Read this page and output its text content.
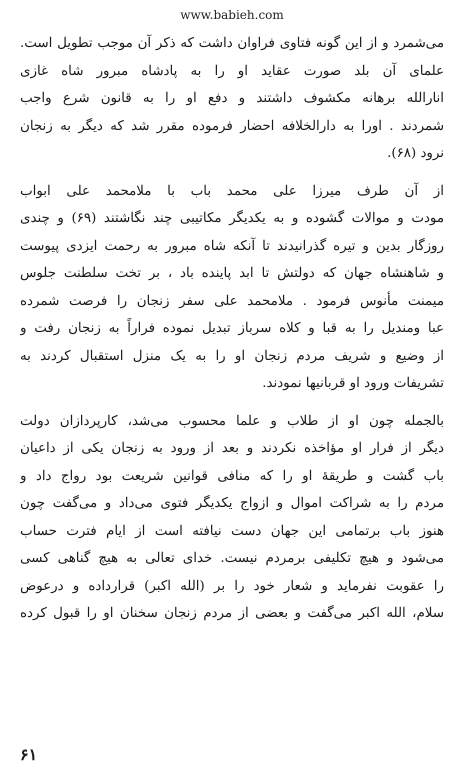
www.babieh.com
می‌شمرد و از این گونه فتاوی فراوان داشت که ذکر آن موجب تطویل است.
علمای آن بلد صورت عقاید او را به پادشاه مبرور شاه غازی
انارالله برهانه مکشوف داشتند و دفع او را به قانون شرع واجب
شمردند . اورا به دارالخلافه احضار فرموده مقرر شد که دیگر به زنجان
نرود (۶۸).
از آن طرف میرزا علی محمد باب با ملامحمد علی ابواب
مودت و موالات گشوده و به یکدیگر مکاتیبی چند نگاشتند (۶۹) و چندی
روزگار بدین و تیره گذرانیدند تا آنکه شاه مبرور به رحمت ایزدی پیوست
و شاهنشاه جهان که دولتش تا ابد پاینده باد ، بر تخت سلطنت جلوس
میمنت مأنوس فرمود . ملامحمد علی سفر زنجان را فرصت شمرده
عبا ومندیل را به قبا و کلاه سرباز تبدیل نموده فراراً به زنجان رفت و
از وضیع و شریف مردم زنجان او را به یک منزل استقبال کردند به
تشریفات ورود او قربانیها نمودند.
بالجمله چون او از طلاب و علما محسوب می‌شد، کارپردازان دولت
دیگر از فرار او مؤاخذه نکردند و بعد از ورود به زنجان یکی از داعیان
باب گشت و طریقهٔ او را که منافی قوانین شریعت بود رواج داد و
مردم را به شراکت اموال و ازواج یکدیگر فتوی می‌داد و می‌گفت چون
هنوز باب برتمامی این جهان دست نیافته است از ایام فترت حساب
می‌شود و هیچ تکلیفی برمردم نیست. خدای تعالی به هیچ گناهی کسی
را عقوبت نفرماید و شعار خود را بر (الله اکبر) قرارداده و درعوض
سلام، الله اکبر می‌گفت و بعضی از مردم زنجان سخنان او را قبول کرده
۶۱
